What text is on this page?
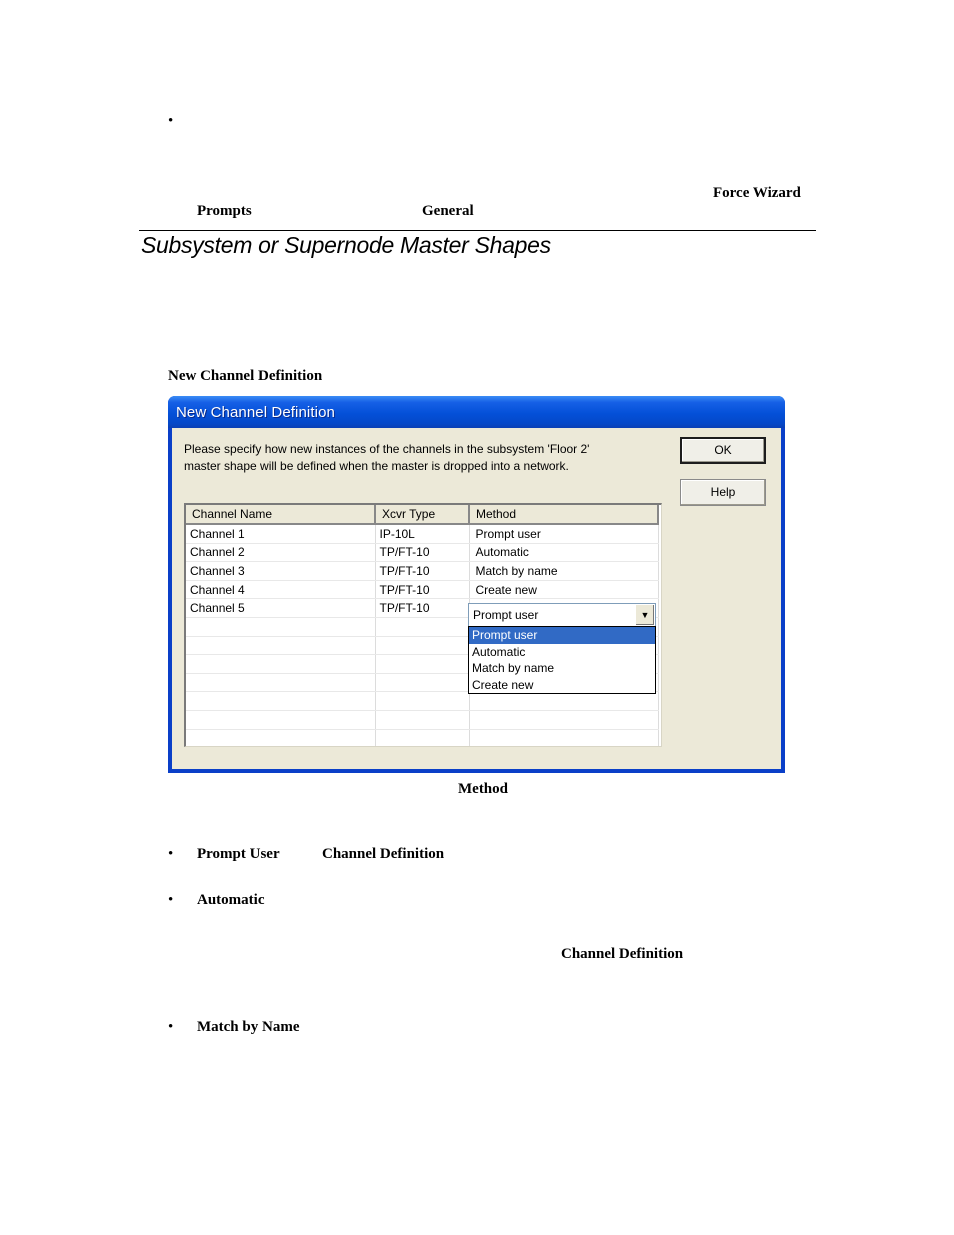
•
Force Wizard
Prompts	General
Subsystem or Supernode Master Shapes
New Channel Definition
New Channel Definition
Please specify how new instances of the channels in the subsystem 'Floor 2'
master shape will be defined when the master is dropped into a network.
OK
Help
Channel Name	Xcvr Type	Method
Channel 1	IP-10L	Prompt user
Channel 2	TP/FT-10	Automatic
Channel 3	TP/FT-10	Match by name
Channel 4	TP/FT-10	Create new
Channel 5	TP/FT-10	

			Prompt user	▼
Prompt user
Automatic
Match by name
Create new
Method
• Prompt User	Channel Definition
• Automatic
Channel Definition
• Match by Name
